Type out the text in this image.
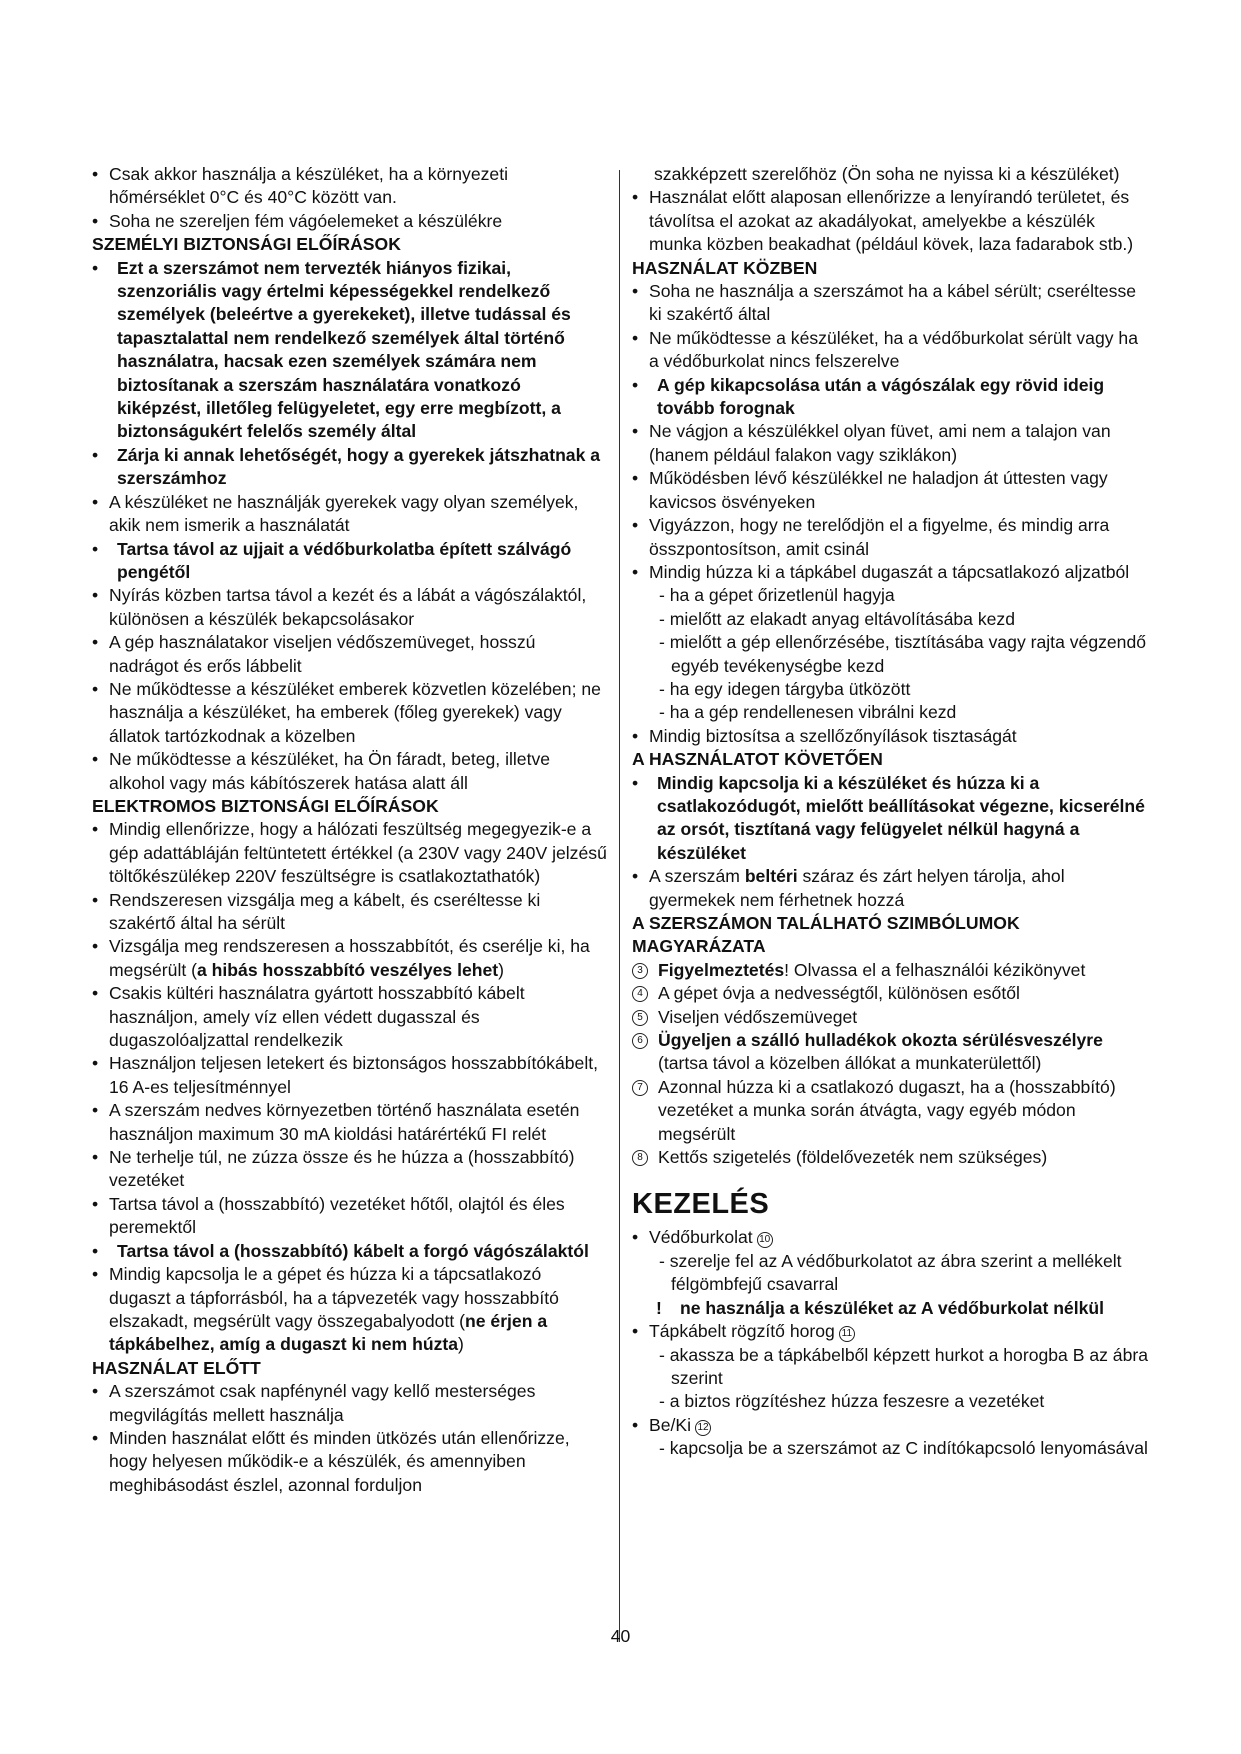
• Csak akkor használja a készüléket, ha a környezeti hőmérséklet 0°C és 40°C között van.
• Soha ne szereljen fém vágóelemeket a készülékre
SZEMÉLYI BIZTONSÁGI ELŐÍRÁSOK
• Ezt a szerszámot nem tervezték hiányos fizikai, szenzoriális vagy értelmi képességekkel rendelkező személyek (beleértve a gyerekeket), illetve tudással és tapasztalattal nem rendelkező személyek által történő használatra, hacsak ezen személyek számára nem biztosítanak a szerszám használatára vonatkozó kiképzést, illetőleg felügyeletet, egy erre megbízott, a biztonságukért felelős személy által
• Zárja ki annak lehetőségét, hogy a gyerekek játszhatnak a szerszámhoz
• A készüléket ne használják gyerekek vagy olyan személyek, akik nem ismerik a használatát
• Tartsa távol az ujjait a védőburkolatba épített szálvágó pengétől
• Nyírás közben tartsa távol a kezét és a lábát a vágószálaktól, különösen a készülék bekapcsolásakor
• A gép használatakor viseljen védőszemüveget, hosszú nadrágot és erős lábbelit
• Ne működtesse a készüléket emberek közvetlen közelében; ne használja a készüléket, ha emberek (főleg gyerekek) vagy állatok tartózkodnak a közelben
• Ne működtesse a készüléket, ha Ön fáradt, beteg, illetve alkohol vagy más kábítószerek hatása alatt áll
ELEKTROMOS BIZTONSÁGI ELŐÍRÁSOK
• Mindig ellenőrizze, hogy a hálózati feszültség megegyezik-e a gép adattábláján feltüntetett értékkel (a 230V vagy 240V jelzésű töltőkészülékep 220V feszültségre is csatlakoztathatók)
• Rendszeresen vizsgálja meg a kábelt, és cseréltesse ki szakértő által ha sérült
• Vizsgálja meg rendszeresen a hosszabbítót, és cserélje ki, ha megsérült (a hibás hosszabbító veszélyes lehet)
• Csakis kültéri használatra gyártott hosszabbító kábelt használjon, amely víz ellen védett dugasszal és dugaszolóaljzattal rendelkezik
• Használjon teljesen letekert és biztonságos hosszabbítókábelt, 16 A-es teljesítménnyel
• A szerszám nedves környezetben történő használata esetén használjon maximum 30 mA kioldási határértékű FI relét
• Ne terhelje túl, ne zúzza össze és he húzza a (hosszabbító) vezetéket
• Tartsa távol a (hosszabbító) vezetéket hőtől, olajtól és éles peremektől
• Tartsa távol a (hosszabbító) kábelt a forgó vágószálaktól
• Mindig kapcsolja le a gépet és húzza ki a tápcsatlakozó dugaszt a tápforrásból, ha a tápvezeték vagy hosszabbító elszakadt, megsérült vagy összegabalyodott (ne érjen a tápkábelhez, amíg a dugaszt ki nem húzta)
HASZNÁLAT ELŐTT
• A szerszámot csak napfénynél vagy kellő mesterséges megvilágítás mellett használja
• Minden használat előtt és minden ütközés után ellenőrizze, hogy helyesen működik-e a készülék, és amennyiben meghibásodást észlel, azonnal forduljon
szakképzett szerelőhöz (Ön soha ne nyissa ki a készüléket)
• Használat előtt alaposan ellenőrizze a lenyírandó területet, és távolítsa el azokat az akadályokat, amelyekbe a készülék munka közben beakadhat (például kövek, laza fadarabok stb.)
HASZNÁLAT KÖZBEN
• Soha ne használja a szerszámot ha a kábel sérült; cseréltesse ki szakértő által
• Ne működtesse a készüléket, ha a védőburkolat sérült vagy ha a védőburkolat nincs felszerelve
• A gép kikapcsolása után a vágószálak egy rövid ideig tovább forognak
• Ne vágjon a készülékkel olyan füvet, ami nem a talajon van (hanem például falakon vagy sziklákon)
• Működésben lévő készülékkel ne haladjon át úttesten vagy kavicsos ösvényeken
• Vigyázzon, hogy ne terelődjön el a figyelme, és mindig arra összpontosítson, amit csinál
• Mindig húzza ki a tápkábel dugaszát a tápcsatlakozó aljzatból
- ha a gépet őrizetlenül hagyja
- mielőtt az elakadt anyag eltávolításába kezd
- mielőtt a gép ellenőrzésébe, tisztításába vagy rajta végzendő egyéb tevékenységbe kezd
- ha egy idegen tárgyba ütközött
- ha a gép rendellenesen vibrálni kezd
• Mindig biztosítsa a szellőzőnyílások tisztaságát
A HASZNÁLATOT KÖVETŐEN
• Mindig kapcsolja ki a készüléket és húzza ki a csatlakozódugót, mielőtt beállításokat végezne, kicserélné az orsót, tisztítaná vagy felügyelet nélkül hagyná a készüléket
• A szerszám beltéri száraz és zárt helyen tárolja, ahol gyermekek nem férhetnek hozzá
A SZERSZÁMON TALÁLHATÓ SZIMBÓLUMOK MAGYARÁZATA
3 Figyelmeztetés! Olvassa el a felhasználói kézikönyvet
4 A gépet óvja a nedvességtől, különösen esőtől
5 Viseljen védőszemüveget
6 Ügyeljen a szálló hulladékok okozta sérülésveszélyre (tartsa távol a közelben állókat a munkaterülettől)
7 Azonnal húzza ki a csatlakozó dugaszt, ha a (hosszabbító) vezetéket a munka során átvágta, vagy egyéb módon megsérült
8 Kettős szigetelés (földelővezeték nem szükséges)
KEZELÉS
• Védőburkolat 10
- szerelje fel az A védőburkolatot az ábra szerint a mellékelt félgömbfejű csavarral
! ne használja a készüléket az A védőburkolat nélkül
• Tápkábelt rögzítő horog 11
- akassza be a tápkábelből képzett hurkot a horogba B az ábra szerint
- a biztos rögzítéshez húzza feszesre a vezetéket
• Be/Ki 12
- kapcsolja be a szerszámot az C indítókapcsoló lenyomásával
40
